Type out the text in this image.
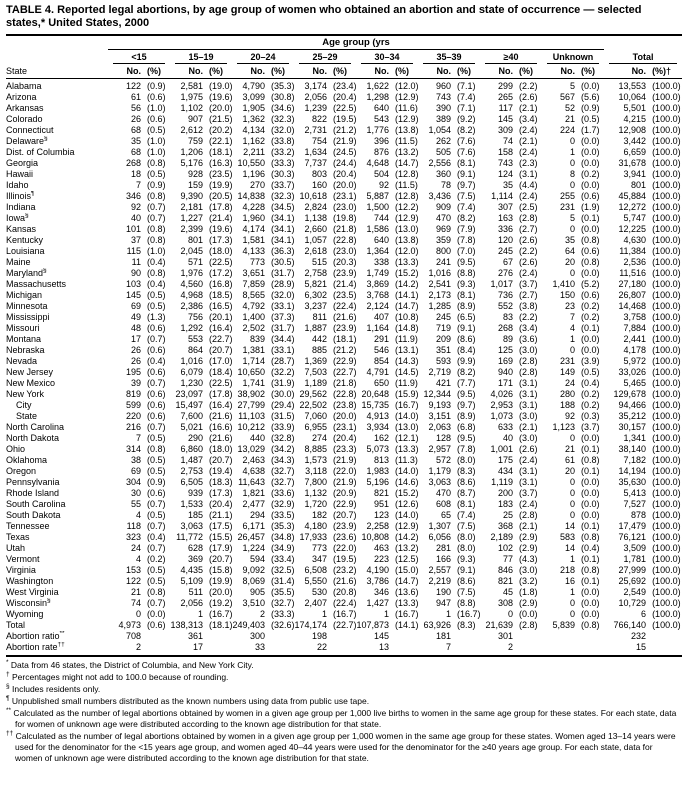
TABLE 4. Reported legal abortions, by age group of women who obtained an abortion and state of occurrence — selected states,* United States, 2000

	Age group (yrs																	

	<15		15–19		20–24		25–29		30–34		35–39		≥40		Unknown		Total	

State	No.	(%)	No.	(%)	No.	(%)	No.	(%)	No.	(%)	No.	(%)	No.	(%)	No.	(%)	No.	(%)†
Alabama	122	(0.9)	2,581	(19.0)	4,790	(35.3)	3,174	(23.4)	1,622	(12.0)	960	(7.1)	299	(2.2)	5	(0.0)	13,553	(100.0)
Arizona	61	(0.6)	1,975	(19.6)	3,099	(30.8)	2,056	(20.4)	1,298	(12.9)	743	(7.4)	265	(2.6)	567	(5.6)	10,064	(100.0)
Arkansas	56	(1.0)	1,102	(20.0)	1,905	(34.6)	1,239	(22.5)	640	(11.6)	390	(7.1)	117	(2.1)	52	(0.9)	5,501	(100.0)
Colorado	26	(0.6)	907	(21.5)	1,362	(32.3)	822	(19.5)	543	(12.9)	389	(9.2)	145	(3.4)	21	(0.5)	4,215	(100.0)
Connecticut	68	(0.5)	2,612	(20.2)	4,134	(32.0)	2,731	(21.2)	1,776	(13.8)	1,054	(8.2)	309	(2.4)	224	(1.7)	12,908	(100.0)
Delaware§	35	(1.0)	759	(22.1)	1,162	(33.8)	754	(21.9)	396	(11.5)	262	(7.6)	74	(2.1)	0	(0.0)	3,442	(100.0)
Dist. of Columbia	68	(1.0)	1,206	(18.1)	2,211	(33.2)	1,634	(24.5)	876	(13.2)	505	(7.6)	158	(2.4)	1	(0.0)	6,659	(100.0)
Georgia	268	(0.8)	5,176	(16.3)	10,550	(33.3)	7,737	(24.4)	4,648	(14.7)	2,556	(8.1)	743	(2.3)	0	(0.0)	31,678	(100.0)
Hawaii	18	(0.5)	928	(23.5)	1,196	(30.3)	803	(20.4)	504	(12.8)	360	(9.1)	124	(3.1)	8	(0.2)	3,941	(100.0)
Idaho	7	(0.9)	159	(19.9)	270	(33.7)	160	(20.0)	92	(11.5)	78	(9.7)	35	(4.4)	0	(0.0)	801	(100.0)
Illinois¶	346	(0.8)	9,390	(20.5)	14,838	(32.3)	10,618	(23.1)	5,887	(12.8)	3,436	(7.5)	1,114	(2.4)	255	(0.6)	45,884	(100.0)
Indiana	92	(0.7)	2,181	(17.8)	4,228	(34.5)	2,824	(23.0)	1,500	(12.2)	909	(7.4)	307	(2.5)	231	(1.9)	12,272	(100.0)
Iowa§	40	(0.7)	1,227	(21.4)	1,960	(34.1)	1,138	(19.8)	744	(12.9)	470	(8.2)	163	(2.8)	5	(0.1)	5,747	(100.0)
Kansas	101	(0.8)	2,399	(19.6)	4,174	(34.1)	2,660	(21.8)	1,586	(13.0)	969	(7.9)	336	(2.7)	0	(0.0)	12,225	(100.0)
Kentucky	37	(0.8)	801	(17.3)	1,581	(34.1)	1,057	(22.8)	640	(13.8)	359	(7.8)	120	(2.6)	35	(0.8)	4,630	(100.0)
Louisiana	115	(1.0)	2,045	(18.0)	4,133	(36.3)	2,618	(23.0)	1,364	(12.0)	800	(7.0)	245	(2.2)	64	(0.6)	11,384	(100.0)
Maine	11	(0.4)	571	(22.5)	773	(30.5)	515	(20.3)	338	(13.3)	241	(9.5)	67	(2.6)	20	(0.8)	2,536	(100.0)
Maryland§	90	(0.8)	1,976	(17.2)	3,651	(31.7)	2,758	(23.9)	1,749	(15.2)	1,016	(8.8)	276	(2.4)	0	(0.0)	11,516	(100.0)
Massachusetts	103	(0.4)	4,560	(16.8)	7,859	(28.9)	5,821	(21.4)	3,869	(14.2)	2,541	(9.3)	1,017	(3.7)	1,410	(5.2)	27,180	(100.0)
Michigan	145	(0.5)	4,968	(18.5)	8,565	(32.0)	6,302	(23.5)	3,768	(14.1)	2,173	(8.1)	736	(2.7)	150	(0.6)	26,807	(100.0)
Minnesota	69	(0.5)	2,386	(16.5)	4,792	(33.1)	3,237	(22.4)	2,124	(14.7)	1,285	(8.9)	552	(3.8)	23	(0.2)	14,468	(100.0)
Mississippi	49	(1.3)	756	(20.1)	1,400	(37.3)	811	(21.6)	407	(10.8)	245	(6.5)	83	(2.2)	7	(0.2)	3,758	(100.0)
Missouri	48	(0.6)	1,292	(16.4)	2,502	(31.7)	1,887	(23.9)	1,164	(14.8)	719	(9.1)	268	(3.4)	4	(0.1)	7,884	(100.0)
Montana	17	(0.7)	553	(22.7)	839	(34.4)	442	(18.1)	291	(11.9)	209	(8.6)	89	(3.6)	1	(0.0)	2,441	(100.0)
Nebraska	26	(0.6)	864	(20.7)	1,381	(33.1)	885	(21.2)	546	(13.1)	351	(8.4)	125	(3.0)	0	(0.0)	4,178	(100.0)
Nevada	26	(0.4)	1,016	(17.0)	1,714	(28.7)	1,369	(22.9)	854	(14.3)	593	(9.9)	169	(2.8)	231	(3.9)	5,972	(100.0)
New Jersey	195	(0.6)	6,079	(18.4)	10,650	(32.2)	7,503	(22.7)	4,791	(14.5)	2,719	(8.2)	940	(2.8)	149	(0.5)	33,026	(100.0)
New Mexico	39	(0.7)	1,230	(22.5)	1,741	(31.9)	1,189	(21.8)	650	(11.9)	421	(7.7)	171	(3.1)	24	(0.4)	5,465	(100.0)
New York	819	(0.6)	23,097	(17.8)	38,902	(30.0)	29,562	(22.8)	20,648	(15.9)	12,344	(9.5)	4,026	(3.1)	280	(0.2)	129,678	(100.0)
City	599	(0.6)	15,497	(16.4)	27,799	(29.4)	22,502	(23.8)	15,735	(16.7)	9,193	(9.7)	2,953	(3.1)	188	(0.2)	94,466	(100.0)
State	220	(0.6)	7,600	(21.6)	11,103	(31.5)	7,060	(20.0)	4,913	(14.0)	3,151	(8.9)	1,073	(3.0)	92	(0.3)	35,212	(100.0)
North Carolina	216	(0.7)	5,021	(16.6)	10,212	(33.9)	6,955	(23.1)	3,934	(13.0)	2,063	(6.8)	633	(2.1)	1,123	(3.7)	30,157	(100.0)
North Dakota	7	(0.5)	290	(21.6)	440	(32.8)	274	(20.4)	162	(12.1)	128	(9.5)	40	(3.0)	0	(0.0)	1,341	(100.0)
Ohio	314	(0.8)	6,860	(18.0)	13,029	(34.2)	8,885	(23.3)	5,073	(13.3)	2,957	(7.8)	1,001	(2.6)	21	(0.1)	38,140	(100.0)
Oklahoma	38	(0.5)	1,487	(20.7)	2,463	(34.3)	1,573	(21.9)	813	(11.3)	572	(8.0)	175	(2.4)	61	(0.8)	7,182	(100.0)
Oregon	69	(0.5)	2,753	(19.4)	4,638	(32.7)	3,118	(22.0)	1,983	(14.0)	1,179	(8.3)	434	(3.1)	20	(0.1)	14,194	(100.0)
Pennsylvania	304	(0.9)	6,505	(18.3)	11,643	(32.7)	7,800	(21.9)	5,196	(14.6)	3,063	(8.6)	1,119	(3.1)	0	(0.0)	35,630	(100.0)
Rhode Island	30	(0.6)	939	(17.3)	1,821	(33.6)	1,132	(20.9)	821	(15.2)	470	(8.7)	200	(3.7)	0	(0.0)	5,413	(100.0)
South Carolina	55	(0.7)	1,533	(20.4)	2,477	(32.9)	1,720	(22.9)	951	(12.6)	608	(8.1)	183	(2.4)	0	(0.0)	7,527	(100.0)
South Dakota	4	(0.5)	185	(21.1)	294	(33.5)	182	(20.7)	123	(14.0)	65	(7.4)	25	(2.8)	0	(0.0)	878	(100.0)
Tennessee	118	(0.7)	3,063	(17.5)	6,171	(35.3)	4,180	(23.9)	2,258	(12.9)	1,307	(7.5)	368	(2.1)	14	(0.1)	17,479	(100.0)
Texas	323	(0.4)	11,772	(15.5)	26,457	(34.8)	17,933	(23.6)	10,808	(14.2)	6,056	(8.0)	2,189	(2.9)	583	(0.8)	76,121	(100.0)
Utah	24	(0.7)	628	(17.9)	1,224	(34.9)	773	(22.0)	463	(13.2)	281	(8.0)	102	(2.9)	14	(0.4)	3,509	(100.0)
Vermont	4	(0.2)	369	(20.7)	594	(33.4)	347	(19.5)	223	(12.5)	166	(9.3)	77	(4.3)	1	(0.1)	1,781	(100.0)
Virginia	153	(0.5)	4,435	(15.8)	9,092	(32.5)	6,508	(23.2)	4,190	(15.0)	2,557	(9.1)	846	(3.0)	218	(0.8)	27,999	(100.0)
Washington	122	(0.5)	5,109	(19.9)	8,069	(31.4)	5,550	(21.6)	3,786	(14.7)	2,219	(8.6)	821	(3.2)	16	(0.1)	25,692	(100.0)
West Virginia	21	(0.8)	511	(20.0)	905	(35.5)	530	(20.8)	346	(13.6)	190	(7.5)	45	(1.8)	1	(0.0)	2,549	(100.0)
Wisconsin§	74	(0.7)	2,056	(19.2)	3,510	(32.7)	2,407	(22.4)	1,427	(13.3)	947	(8.8)	308	(2.9)	0	(0.0)	10,729	(100.0)
Wyoming	0	(0.0)	1	(16.7)	2	(33.3)	1	(16.7)	1	(16.7)	1	(16.7)	0	(0.0)	0	(0.0)	6	(100.0)
Total	4,973	(0.6)	138,313	(18.1)	249,403	(32.6)	174,174	(22.7)	107,873	(14.1)	63,926	(8.3)	21,639	(2.8)	5,839	(0.8)	766,140	(100.0)
Abortion ratio**	708		361		300		198		145		181		301				232	
Abortion rate††	2		17		33		22		13		7		2				15	
* Data from 46 states, the District of Columbia, and New York City.
† Percentages might not add to 100.0 because of rounding.
§ Includes residents only.
¶ Unpublished small numbers distributed as the known numbers using data from public use tape.
** Calculated as the number of legal abortions obtained by women in a given age group per 1,000 live births to women in the same age group for these states. For each state, data for women of unknown age were distributed according to the known age distribution for that state.
†† Calculated as the number of legal abortions obtained by women in a given age group per 1,000 women in the same age group for these states. Women aged 13–14 years were used for the denominator for the <15 years age group, and women aged 40–44 years were used for the denominator for the ≥40 years age group. For each state, data for women of unknown age were distributed according to the known age distribution for that state.
